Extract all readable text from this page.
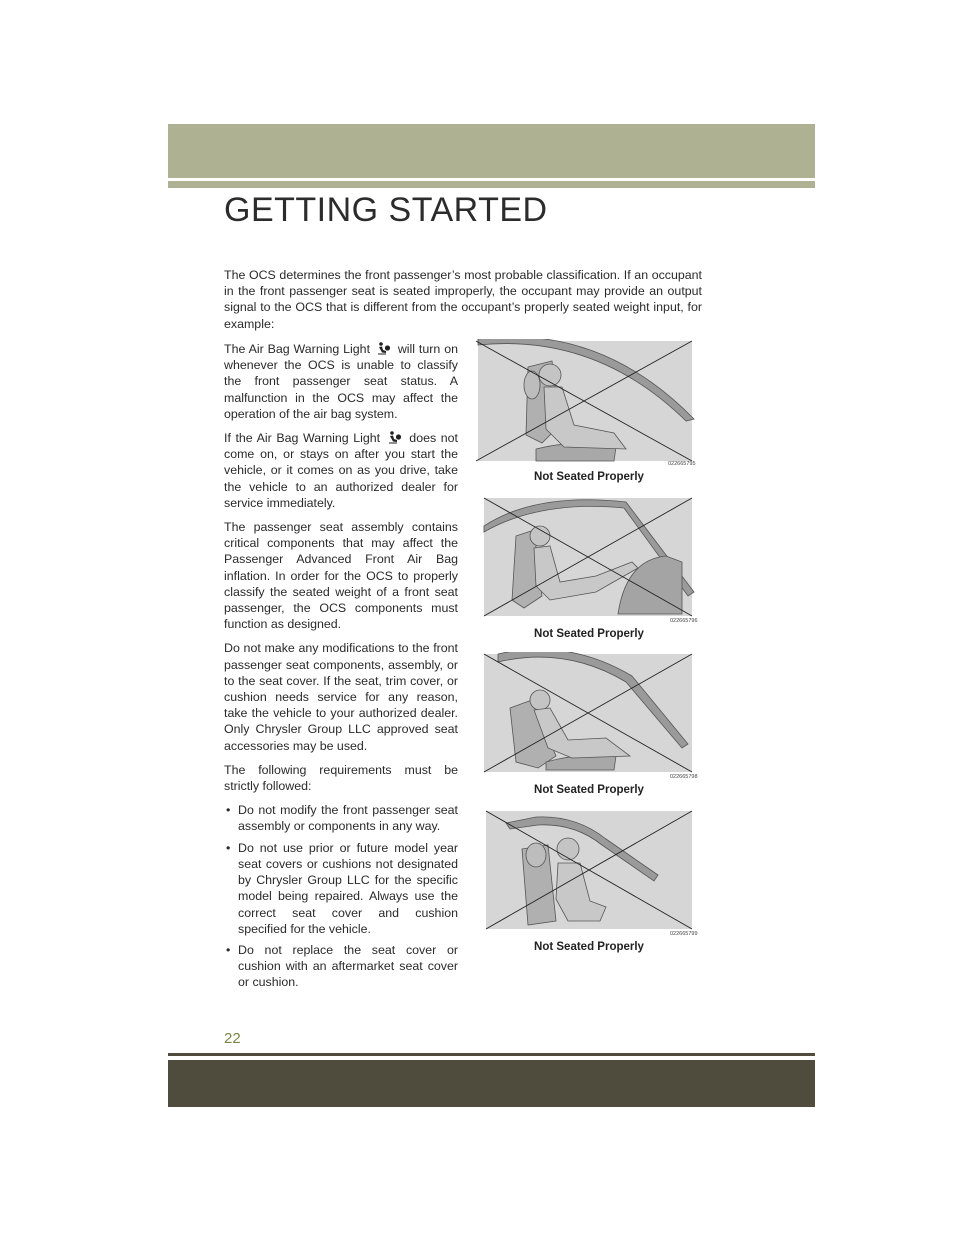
GETTING STARTED

The OCS determines the front passenger’s most probable classification. If an occupant in the front passenger seat is seated improperly, the occupant may provide an output signal to the OCS that is different from the occupant’s properly seated weight input, for example:

The Air Bag Warning Light will turn on whenever the OCS is unable to classify the front passenger seat status. A malfunction in the OCS may affect the operation of the air bag system.

If the Air Bag Warning Light does not come on, or stays on after you start the vehicle, or it comes on as you drive, take the vehicle to an authorized dealer for service immediately.

The passenger seat assembly contains critical components that may affect the Passenger Advanced Front Air Bag inflation. In order for the OCS to properly classify the seated weight of a front seat passenger, the OCS components must function as designed.

Do not make any modifications to the front passenger seat components, assembly, or to the seat cover. If the seat, trim cover, or cushion needs service for any reason, take the vehicle to your authorized dealer. Only Chrysler Group LLC approved seat accessories may be used.

The following requirements must be strictly followed:

• Do not modify the front passenger seat assembly or components in any way.
• Do not use prior or future model year seat covers or cushions not designated by Chrysler Group LLC for the specific model being repaired. Always use the correct seat cover and cushion specified for the vehicle.
• Do not replace the seat cover or cushion with an aftermarket seat cover or cushion.
022665795
Not Seated Properly
022665796
Not Seated Properly
022665798
Not Seated Properly
022665799
Not Seated Properly
22
